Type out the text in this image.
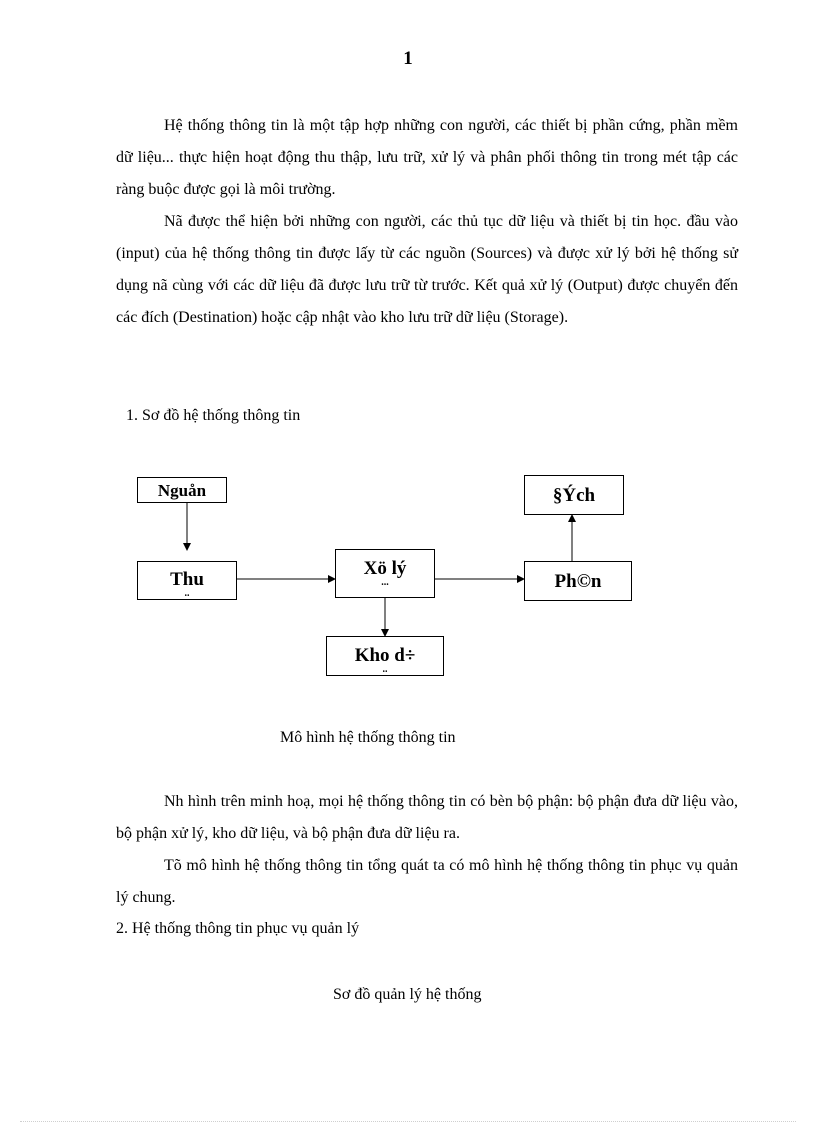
1

Hệ thống thông tin là một tập hợp những con người, các thiết bị phần cứng, phần mềm dữ liệu... thực hiện hoạt động thu thập, lưu trữ, xử lý và phân phối thông tin trong mét tập các ràng buộc được gọi là môi trường.

Nã được thể hiện bởi những con người, các thủ tục dữ liệu và thiết bị tin học. đầu vào (input) của hệ thống thông tin được lấy từ các nguồn (Sources) và được xử lý bởi hệ thống sử dụng nã cùng với các dữ liệu đã được lưu trữ từ trước. Kết quả xử lý (Output) được chuyển đến các đích (Destination) hoặc cập nhật vào kho lưu trữ dữ liệu (Storage).

1. Sơ đồ hệ thống thông tin
Nguån	§Ých
Thu
..
Xö lý
...	Ph©n
Kho d÷
..
Mô hình hệ thống thông tin

Nh hình trên minh hoạ, mọi hệ thống thông tin có bèn bộ phận: bộ phận đưa dữ liệu vào, bộ phận xử lý, kho dữ liệu, và bộ phận đưa dữ liệu ra.

Tõ mô hình hệ thống thông tin tổng quát ta có mô hình hệ thống thông tin phục vụ quản lý chung.

2. Hệ thống thông tin phục vụ quản lý
Sơ đồ quản lý hệ thống
